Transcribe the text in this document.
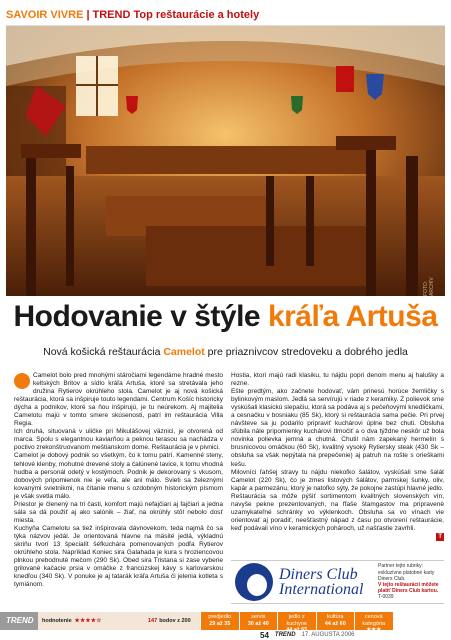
SAVOIR VIVRE | TREND Top reštaurácie a hotely
FOTO: ARCHÍV
Hodovanie v štýle kráľa Artuša
Nová košická reštaurácia Camelot pre priaznivcov stredoveku a dobrého jedla

Camelot bolo pred mnohými stáročiami legendárne hradné mesto keltských Britov a sídlo kráľa Artuša, ktoré sa stretávala jeho družina Rytierov okrúhleho stola. Camelot je aj nová košická reštaurácia, ktorá sa inšpiruje touto legendami. Centrum Košíc historicky dýcha a podnikov, ktoré sa ňou inšpirujú, je tu neúrekom. Aj majitelia Camelotu majú v tomto smere skúsenosti, patrí im reštaurácia Villa Regia.

Ich druhá, situovaná v uličke pri Mikulášovej väznici, je otvorená od marca. Spolu s elegantnou kaviarňou a peknou terasou sa nachádza v poctivo zrekonštruovanom meštianskom dome. Reštaurácia je v pivnici.

Camelot je dobový podnik so všetkým, čo k tomu patrí. Kamenné steny, tehlové klenby, mohutné drevené stoly a čalúnené lavice, k tomu vhodná hudba a personál odetý v kostýmoch. Podnik je dekorovaný s vkusom, dobových pripomienok nie je veľa, ale ani málo. Svieti sa železnými kovanými svietnikmi, na čítanie menu s ozdobným historickým písmom je však svetla málo.

Priestor je členený na tri časti, komfort majú nefajčiari aj fajčiari a jedna sála sa dá použiť aj ako salónik – žiaľ, na okrúhly stôl nebolo dosť miesta.

Kuchyňa Camelotu sa tiež inšpirovala dávnovekom, teda najmä čo sa týka názvov jedál. Je orientovaná hlavne na mäsité jedlá, výkladnú skriňu tvorí 13 špecialít šéfkuchára pomenovaných podľa Rytierov okrúhleho stola. Napríklad Koniec sira Galahada je kura s hroziencovou plnkou prebodnuté mečom (290 Sk). Obed sira Tristana si zase vyberie grilované kačacie prsia v omáčke z francúzskej kávy s karlovarskou knedľou (340 Sk). V ponuke je aj tatarák kráľa Artuša či jelenia kotleta s tymiánom.

Hostia, ktorí majú radi klasiku, tu nájdu popri denom menu aj halušky a rezne.

Ešte predtým, ako začnete hodovať, vám prinesú horúce žemličky s bylinkovým maslom. Jedlá sa servírujú v riade z keramiky. Z polievok sme vyskúšali klasickú slepačiu, ktorá sa podáva aj s pečeňovými knedličkami, a cesnačku v bosniaku (85 Sk), ktorý si reštaurácia sama pečie. Pri prvej návšteve sa ju podarilo pripraviť kuchárovi úplne bez chuti. Obsluha sľúbila nále pripomienky kuchárovi tlmočiť a o dva týždne neskôr už bola novinka polievka jemná a chutná. Chutil nám zapekaný hermelín s brusnicovou omáčkou (60 Sk), kvalitný vysoký Rytiersky steak (430 Sk – obsluha sa však nepýtala na prepečenie) aj patruh na rošte s orieškami kešu.

Milovníci ľahšej stravy tu nájdu niekoľko šalátov, vyskúšali sme šalát Camelot (220 Sk), čo je zmes listových šalátov, parmskej šunky, oliv, kapár a parmezánu, ktorý je natoľko sýty, že pokojne zastúpi hlavné jedlo.

Reštaurácia sa môže pýšiť sortimentom kvalitných slovenských vín, navyše pekne prezentovaných, na fľaše štamgastov ma pripravené uzamykateľné schránky vo výklenkoch. Obsluha sa vo vínach vie orientovať aj poradiť, neešťastný nápad z času po otvorení reštaurácie, keď podávali víno v keramických pohároch, už našťastie zavrhli.

T
Diners Club
International
Partner tejto rubriky: exkluzívne platobné karty Diners Club.
V tejto reštaurácii môžete platiť Diners Club kartou.
T-0039
TREND	hodnotenie ★★★★☆	147 bodov z 200
predjedlo
29 až 35
servis
30 až 40
jedlo z kuchyne
44 až 65
kultúra
44 až 60
cenová kategória
★★★
54 TREND 17. AUGUSTA 2006
